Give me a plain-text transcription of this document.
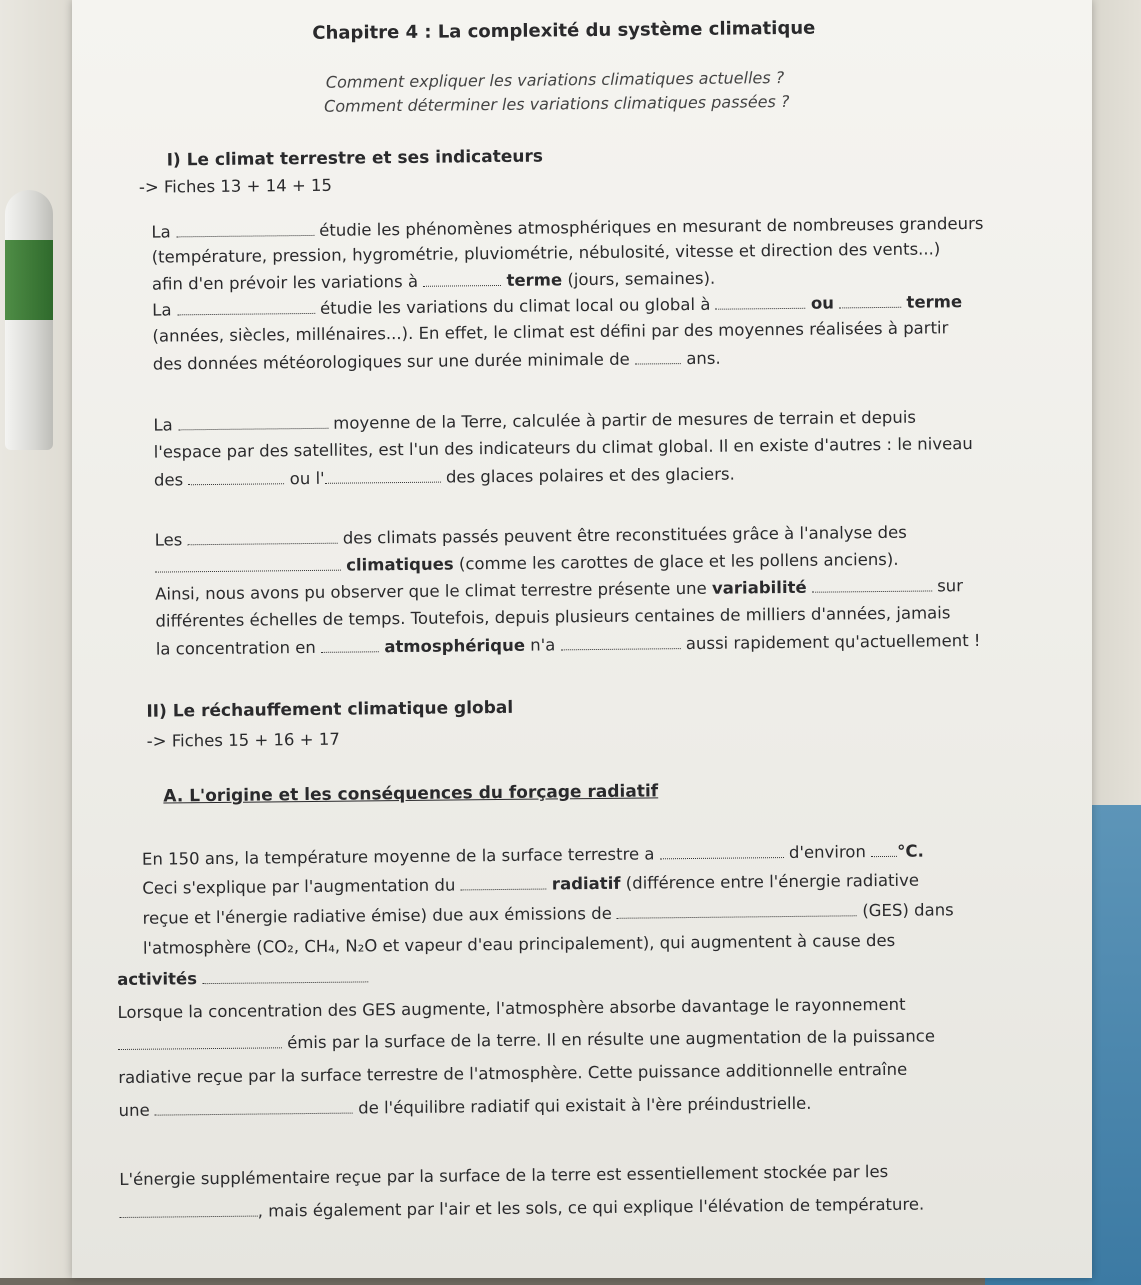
Chapitre 4 : La complexité du système climatique
Comment expliquer les variations climatiques actuelles ?
Comment déterminer les variations climatiques passées ?
I) Le climat terrestre et ses indicateurs
-> Fiches 13 + 14 + 15
La	étudie les phénomènes atmosphériques en mesurant de nombreuses grandeurs
(température, pression, hygrométrie, pluviométrie, nébulosité, vitesse et direction des vents...)
afin d'en prévoir les variations à	terme (jours, semaines).
La	étudie les variations du climat local ou global à	ou	terme
(années, siècles, millénaires...). En effet, le climat est défini par des moyennes réalisées à partir
des données météorologiques sur une durée minimale de	ans.
La	moyenne de la Terre, calculée à partir de mesures de terrain et depuis
l'espace par des satellites, est l'un des indicateurs du climat global. Il en existe d'autres : le niveau
des	ou l'	des glaces polaires et des glaciers.
Les	des climats passés peuvent être reconstituées grâce à l'analyse des
climatiques (comme les carottes de glace et les pollens anciens).
Ainsi, nous avons pu observer que le climat terrestre présente une variabilité	sur
différentes échelles de temps. Toutefois, depuis plusieurs centaines de milliers d'années, jamais
la concentration en	atmosphérique n'a	aussi rapidement qu'actuellement !
II) Le réchauffement climatique global
-> Fiches 15 + 16 + 17
A. L'origine et les conséquences du forçage radiatif
En 150 ans, la température moyenne de la surface terrestre a	d'environ °C.
Ceci s'explique par l'augmentation du	radiatif (différence entre l'énergie radiative
reçue et l'énergie radiative émise) due aux émissions de	(GES) dans
l'atmosphère (CO₂, CH₄, N₂O et vapeur d'eau principalement), qui augmentent à cause des
activités
Lorsque la concentration des GES augmente, l'atmosphère absorbe davantage le rayonnement
émis par la surface de la terre. Il en résulte une augmentation de la puissance
radiative reçue par la surface terrestre de l'atmosphère. Cette puissance additionnelle entraîne
une	de l'équilibre radiatif qui existait à l'ère préindustrielle.
L'énergie supplémentaire reçue par la surface de la terre est essentiellement stockée par les
, mais également par l'air et les sols, ce qui explique l'élévation de température.
